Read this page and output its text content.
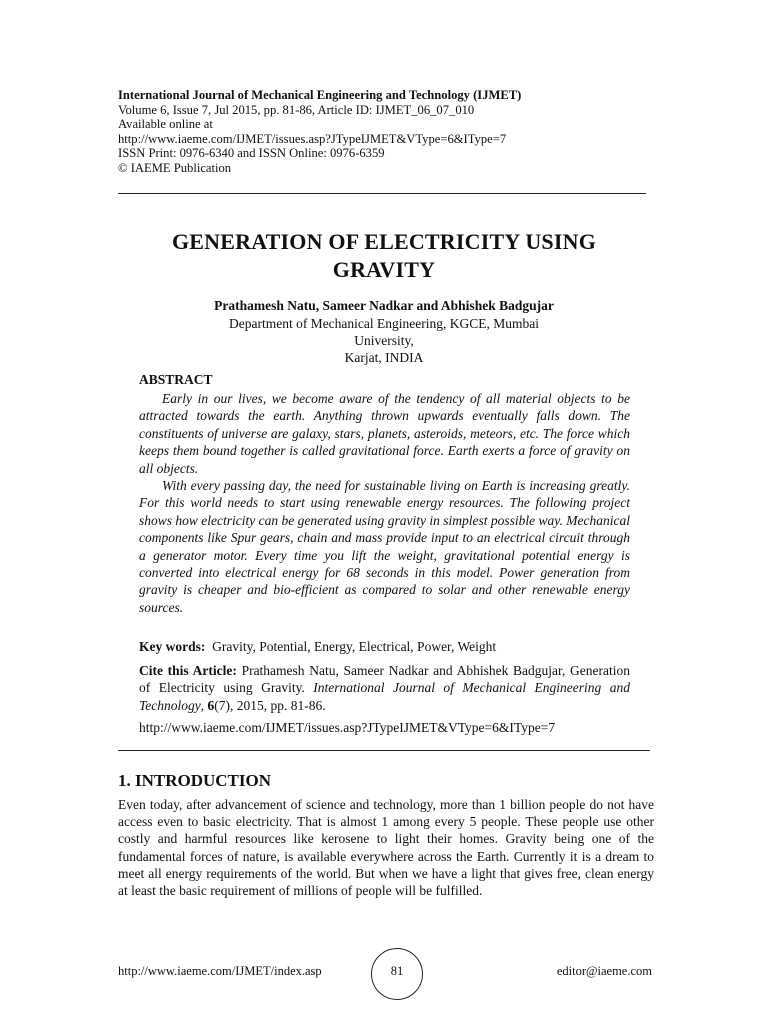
International Journal of Mechanical Engineering and Technology (IJMET)
Volume 6, Issue 7, Jul 2015, pp. 81-86, Article ID: IJMET_06_07_010
Available online at
http://www.iaeme.com/IJMET/issues.asp?JTypeIJMET&VType=6&IType=7
ISSN Print: 0976-6340 and ISSN Online: 0976-6359
© IAEME Publication
GENERATION OF ELECTRICITY USING
GRAVITY
Prathamesh Natu, Sameer Nadkar and Abhishek Badgujar
Department of Mechanical Engineering, KGCE, Mumbai University,
Karjat, INDIA
ABSTRACT

Early in our lives, we become aware of the tendency of all material objects to be attracted towards the earth. Anything thrown upwards eventually falls down. The constituents of universe are galaxy, stars, planets, asteroids, meteors, etc. The force which keeps them bound together is called gravitational force. Earth exerts a force of gravity on all objects.

With every passing day, the need for sustainable living on Earth is increasing greatly. For this world needs to start using renewable energy resources. The following project shows how electricity can be generated using gravity in simplest possible way. Mechanical components like Spur gears, chain and mass provide input to an electrical circuit through a generator motor. Every time you lift the weight, gravitational potential energy is converted into electrical energy for 68 seconds in this model. Power generation from gravity is cheaper and bio-efficient as compared to solar and other renewable energy sources.

Key words: Gravity, Potential, Energy, Electrical, Power, Weight
Cite this Article: Prathamesh Natu, Sameer Nadkar and Abhishek Badgujar, Generation of Electricity using Gravity. International Journal of Mechanical Engineering and Technology, 6(7), 2015, pp. 81-86.
http://www.iaeme.com/IJMET/issues.asp?JTypeIJMET&VType=6&IType=7
1. INTRODUCTION

Even today, after advancement of science and technology, more than 1 billion people do not have access even to basic electricity. That is almost 1 among every 5 people. These people use other costly and harmful resources like kerosene to light their homes. Gravity being one of the fundamental forces of nature, is available everywhere across the Earth. Currently it is a dream to meet all energy requirements of the world. But when we have a light that gives free, clean energy at least the basic requirement of millions of people will be fulfilled.

http://www.iaeme.com/IJMET/index.asp	81	editor@iaeme.com
